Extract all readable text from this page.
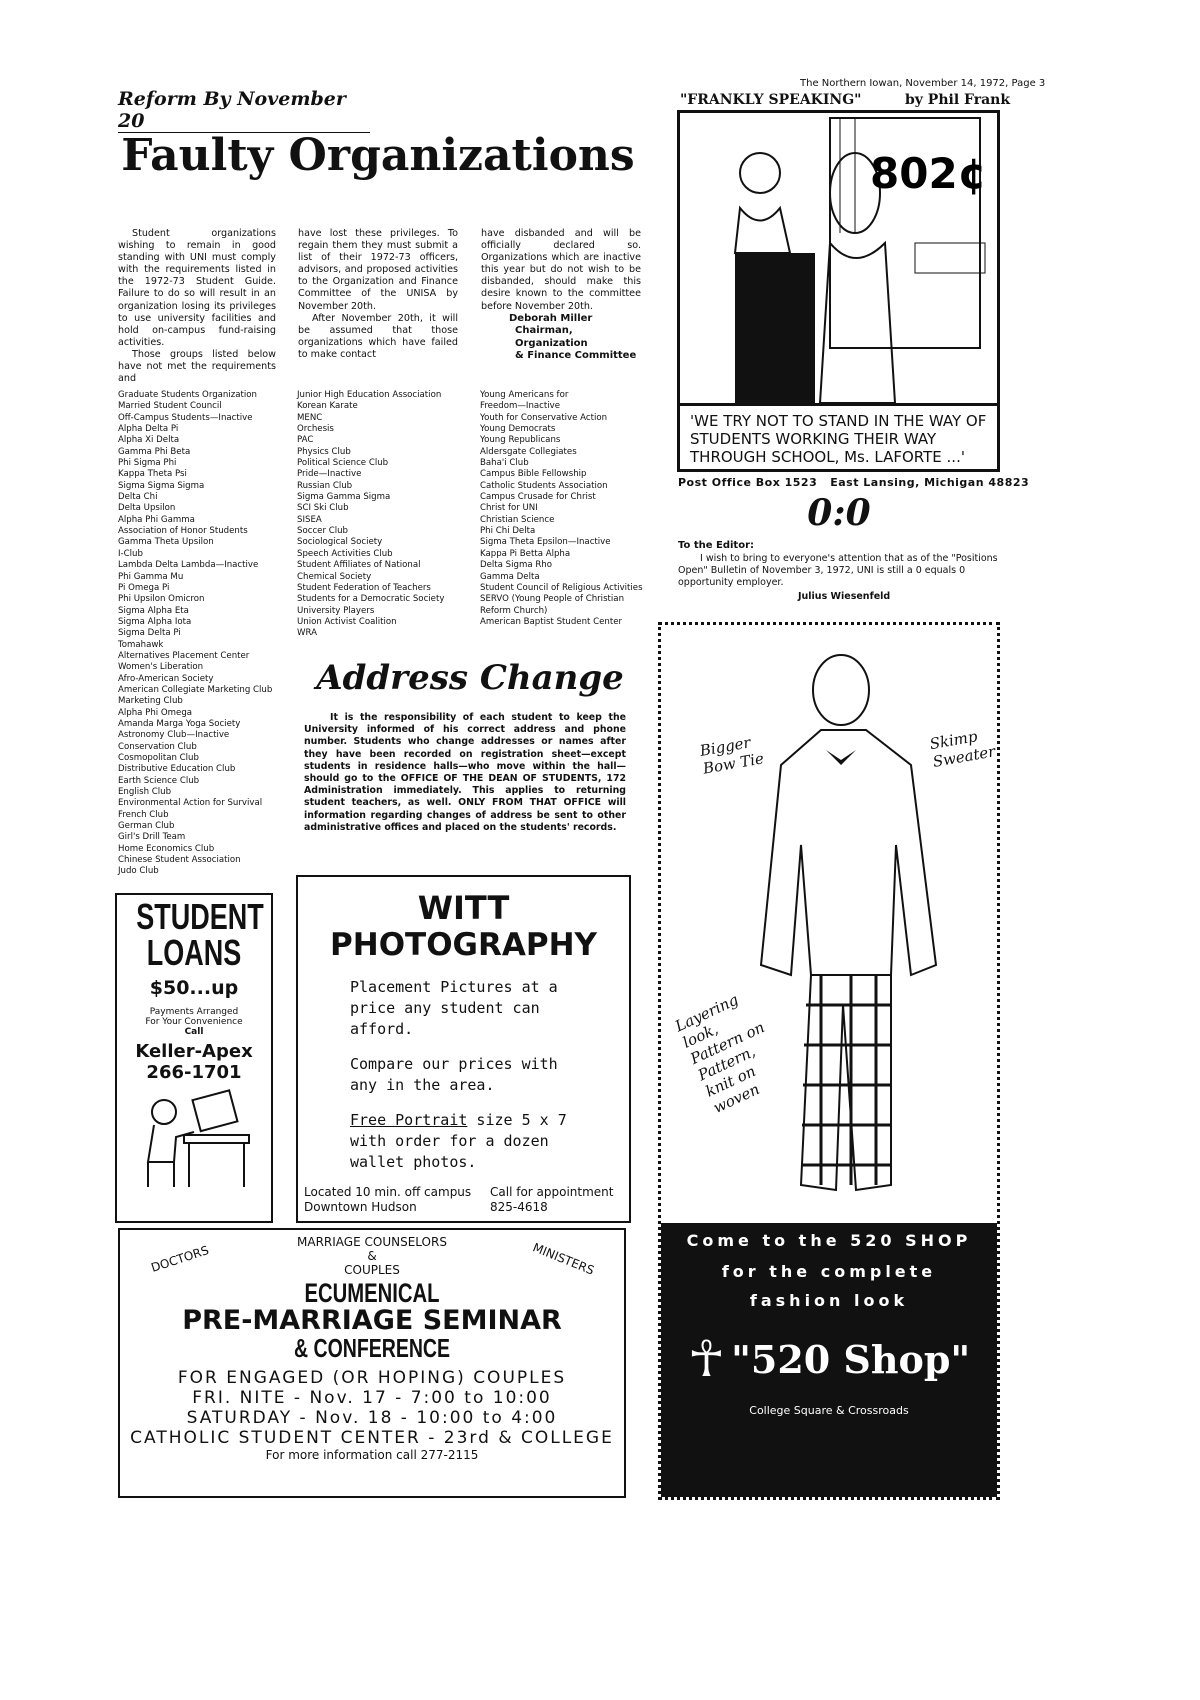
The Northern Iowan, November 14, 1972, Page 3
Reform By November 20
Faulty Organizations

Student organizations wishing to remain in good standing with UNI must comply with the requirements listed in the 1972-73 Student Guide. Failure to do so will result in an organization losing its privileges to use university facilities and hold on-campus fund-raising activities.

Those groups listed below have not met the requirements and

have lost these privileges. To regain them they must submit a list of their 1972-73 officers, advisors, and proposed activities to the Organization and Finance Committee of the UNISA by November 20th.

After November 20th, it will be assumed that those organizations which have failed to make contact

have disbanded and will be officially declared so. Organizations which are inactive this year but do not wish to be disbanded, should make this desire known to the committee before November 20th.

Deborah Miller
Chairman, Organization
& Finance Committee
Graduate Students Organization
Married Student Council
Off-Campus Students—Inactive
Alpha Delta Pi
Alpha Xi Delta
Gamma Phi Beta
Phi Sigma Phi
Kappa Theta Psi
Sigma Sigma Sigma
Delta Chi
Delta Upsilon
Alpha Phi Gamma
Association of Honor Students
Gamma Theta Upsilon
I-Club
Lambda Delta Lambda—Inactive
Phi Gamma Mu
Pi Omega Pi
Phi Upsilon Omicron
Sigma Alpha Eta
Sigma Alpha Iota
Sigma Delta Pi
Tomahawk
Alternatives Placement Center
Women's Liberation
Afro-American Society
American Collegiate Marketing Club
Marketing Club
Alpha Phi Omega
Amanda Marga Yoga Society
Astronomy Club—Inactive
Conservation Club
Cosmopolitan Club
Distributive Education Club
Earth Science Club
English Club
Environmental Action for Survival
French Club
German Club
Girl's Drill Team
Home Economics Club
Chinese Student Association
Judo Club
Junior High Education Association
Korean Karate
MENC
Orchesis
PAC
Physics Club
Political Science Club
Pride—Inactive
Russian Club
Sigma Gamma Sigma
SCI Ski Club
SISEA
Soccer Club
Sociological Society
Speech Activities Club
Student Affiliates of National
Chemical Society
Student Federation of Teachers
Students for a Democratic Society
University Players
Union Activist Coalition
WRA
Young Americans for
Freedom—Inactive
Youth for Conservative Action
Young Democrats
Young Republicans
Aldersgate Collegiates
Baha'i Club
Campus Bible Fellowship
Catholic Students Association
Campus Crusade for Christ
Christ for UNI
Christian Science
Phi Chi Delta
Sigma Theta Epsilon—Inactive
Kappa Pi Betta Alpha
Delta Sigma Rho
Gamma Delta
Student Council of Religious Activities
SERVO (Young People of Christian
Reform Church)
American Baptist Student Center
Address Change
It is the responsibility of each student to keep the University informed of his correct address and phone number. Students who change addresses or names after they have been recorded on registration sheet—except students in residence halls—who move within the hall—should go to the OFFICE OF THE DEAN OF STUDENTS, 172 Administration immediately. This applies to returning student teachers, as well. ONLY FROM THAT OFFICE will information regarding changes of address be sent to other administrative offices and placed on the students' records.
STUDENT
LOANS
$50...up
Payments Arranged
For Your Convenience
Call
Keller-Apex
266-1701
WITT
PHOTOGRAPHY
Placement Pictures at a price any student can afford.
Compare our prices with any in the area.
Free Portrait size 5 x 7 with order for a dozen wallet photos.
Located 10 min. off campus
Downtown Hudson
Call for appointment
825-4618
MARRIAGE COUNSELORS
&
COUPLES
DOCTORS	MINISTERS
ECUMENICAL
PRE-MARRIAGE SEMINAR
& CONFERENCE
FOR ENGAGED (OR HOPING) COUPLES
FRI. NITE - Nov. 17 - 7:00 to 10:00
SATURDAY - Nov. 18 - 10:00 to 4:00
CATHOLIC STUDENT CENTER - 23rd & COLLEGE
For more information call 277-2115
"FRANKLY SPEAKING"	by Phil Frank
802¢
'WE TRY NOT TO STAND IN THE WAY OF STUDENTS WORKING THEIR WAY THROUGH SCHOOL, Ms. LAFORTE ...'
Post Office Box 1523   East Lansing, Michigan 48823
0:0
To the Editor:
I wish to bring to everyone's attention that as of the "Positions Open" Bulletin of November 3, 1972, UNI is still a 0 equals 0 opportunity employer.
Julius Wiesenfeld
Bigger Bow Tie
Skimp Sweater
Layering look, Pattern on Pattern, knit on woven
Come to the 520 SHOP
for the complete
fashion look
☥ "520 Shop"
College Square & Crossroads
